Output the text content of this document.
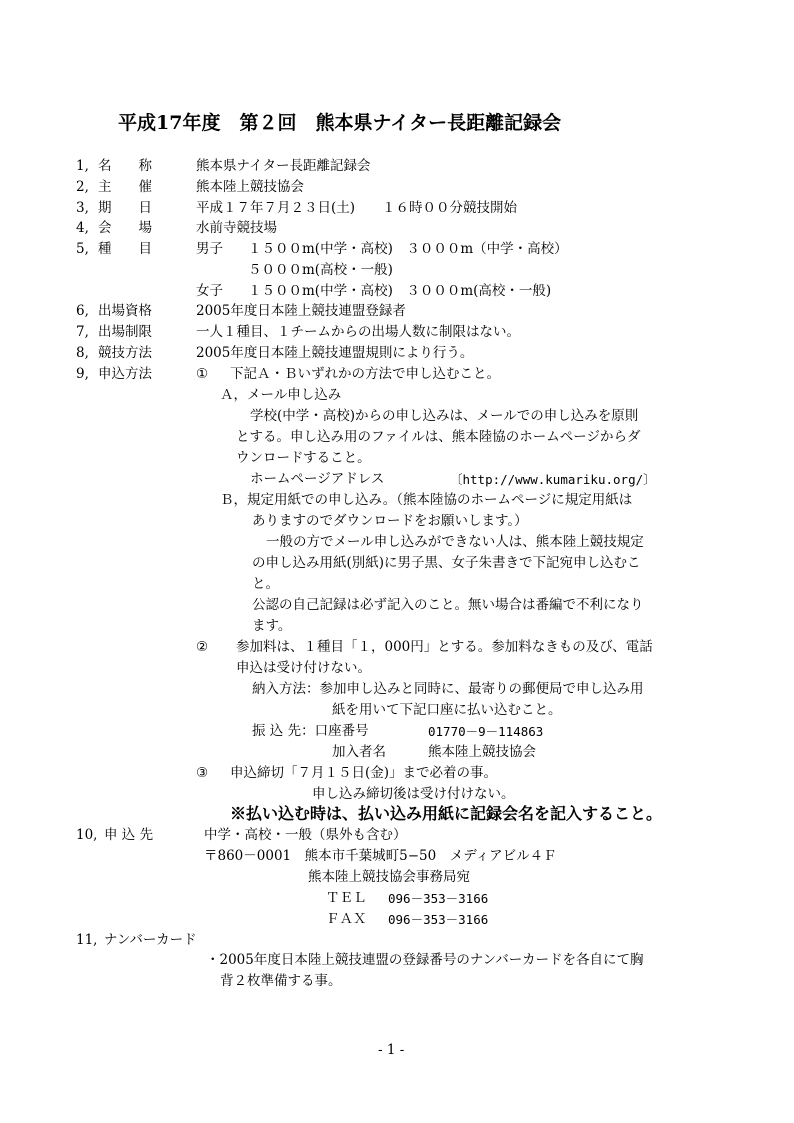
平成17年度　第２回　熊本県ナイター長距離記録会
1, 名　　称	熊本県ナイター長距離記録会
2, 主　　催	熊本陸上競技協会
3, 期　　日	平成１７年７月２３日(土)　　１６時００分競技開始
4, 会　　場	水前寺競技場
5, 種　　目	男子 １５００m(中学・高校)　３０００m（中学・高校）
５０００m(高校・一般)
女子 １５００m(中学・高校)　３０００m(高校・一般)
6, 出場資格	2005年度日本陸上競技連盟登録者
7, 出場制限	一人１種目、１チームからの出場人数に制限はない。
8, 競技方法	2005年度日本陸上競技連盟規則により行う。
9, 申込方法	① 下記Ａ・Ｂいずれかの方法で申し込むこと。
Ａ，メール申し込み
学校(中学・高校)からの申し込みは、メールでの申し込みを原則
とする。申し込み用のファイルは、熊本陸協のホームページからダ
ウンロードすること。
ホームページアドレス	〔http://www.kumariku.org/〕
Ｂ，規定用紙での申し込み。（熊本陸協のホームページに規定用紙は
ありますのでダウンロードをお願いします。）
一般の方でメール申し込みができない人は、熊本陸上競技規定
の申し込み用紙(別紙)に男子黒、女子朱書きで下記宛申し込むこ
と。
公認の自己記録は必ず記入のこと。無い場合は番編で不利になり
ます。
② 参加料は、１種目「１，000円」とする。参加料なきもの及び、電話
申込は受け付けない。
納入方法：参加申し込みと同時に、最寄りの郵便局で申し込み用
紙を用いて下記口座に払い込むこと。
振 込 先：口座番号	01770－9－114863
加入者名	熊本陸上競技協会
③ 申込締切「７月１５日(金)」まで必着の事。
申し込み締切後は受け付けない。
※払い込む時は、払い込み用紙に記録会名を記入すること。
10, 申 込 先	中学・高校・一般（県外も含む）
〒860－0001　熊本市千葉城町5−50　メディアビル４Ｆ
熊本陸上競技協会事務局宛
ＴＥＬ 096－353－3166
ＦＡＸ 096－353－3166
11, ナンバーカード
・2005年度日本陸上競技連盟の登録番号のナンバーカードを各自にて胸
背２枚準備する事。
- 1 -
